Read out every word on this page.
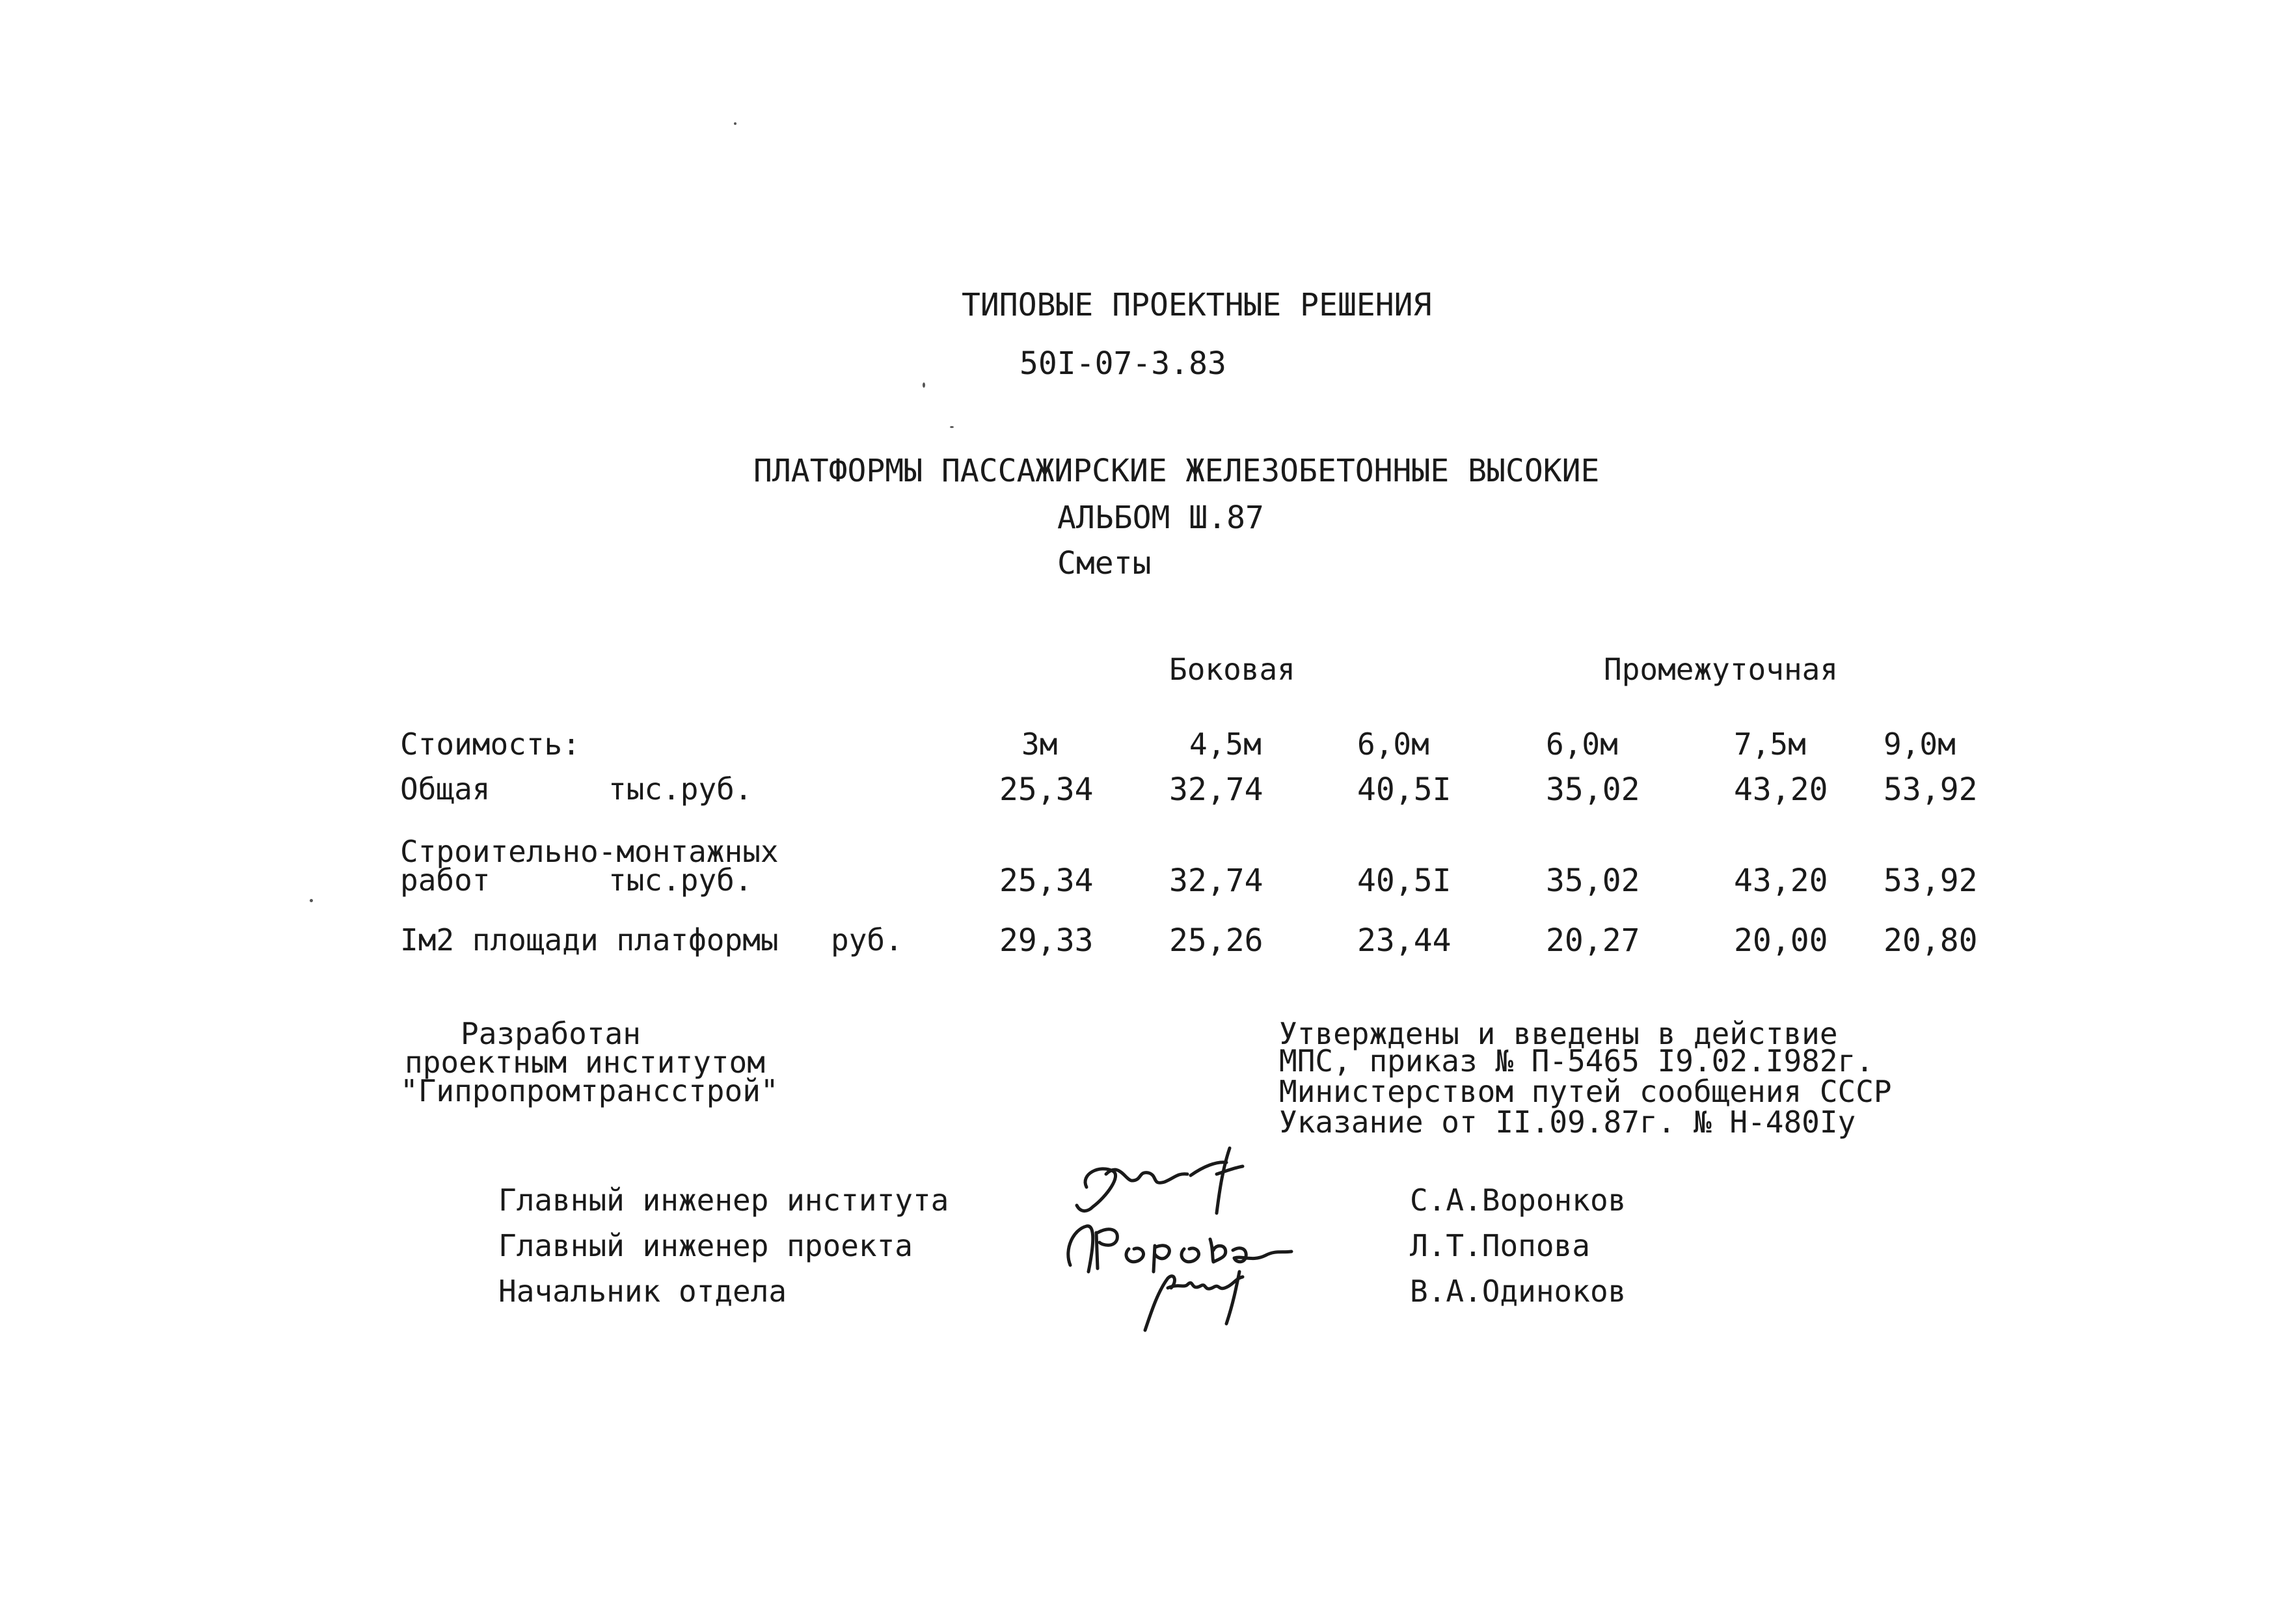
ТИПОВЫЕ ПРОЕКТНЫЕ РЕШЕНИЯ
50I-07-3.83
ПЛАТФОРМЫ ПАССАЖИРСКИЕ ЖЕЛЕЗОБЕТОННЫЕ ВЫСОКИЕ
АЛЬБОМ Ш.87
Сметы
Боковая	Промежуточная
Стоимость:	3м	4,5м	6,0м	6,0м	7,5м	9,0м
Общая	тыс.руб.	25,34 32,74	40,5I	35,02	43,20 53,92
Строительно-монтажных
работ	тыс.руб.	25,34 32,74	40,5I	35,02	43,20 53,92
Iм2 площади платформы руб.	29,33 25,26	23,44	20,27	20,00 20,80
Разработан
проектным институтом
"Гипропромтрансстрой"
Утверждены и введены в действие
МПС, приказ № П-5465 I9.02.I982г.
Министерством путей сообщения СССР
Указание от II.09.87г. № Н-480Iу
Главный инженер института	С.А.Воронков
Главный инженер проекта	Л.Т.Попова
Начальник отдела	В.А.Одиноков
